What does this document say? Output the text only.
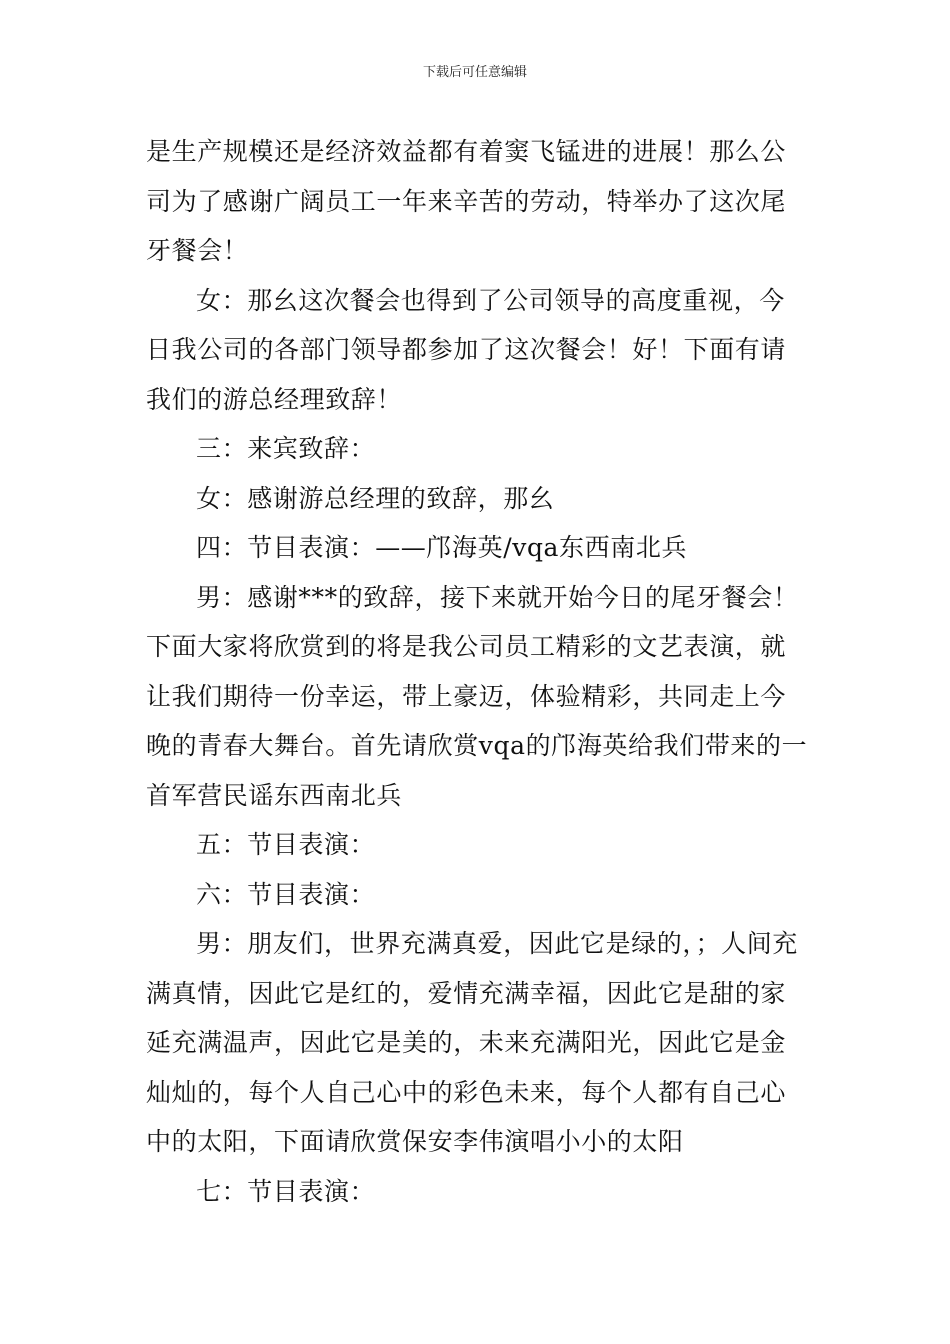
下载后可任意编辑

是生产规模还是经济效益都有着窦飞锰进的进展！那么公司为了感谢广阔员工一年来辛苦的劳动，特举办了这次尾牙餐会！

女：那幺这次餐会也得到了公司领导的高度重视，今日我公司的各部门领导都参加了这次餐会！好！下面有请我们的游总经理致辞！

三：来宾致辞：

女：感谢游总经理的致辞，那幺

四：节目表演：——邝海英/vqa东西南北兵

男：感谢***的致辞，接下来就开始今日的尾牙餐会！下面大家将欣赏到的将是我公司员工精彩的文艺表演，就让我们期待一份幸运，带上豪迈，体验精彩，共同走上今晚的青春大舞台。首先请欣赏vqa的邝海英给我们带来的一首军营民谣东西南北兵

五：节目表演：

六：节目表演：

男：朋友们，世界充满真爱，因此它是绿的，；人间充满真情，因此它是红的，爱情充满幸福，因此它是甜的家延充满温声，因此它是美的，未来充满阳光，因此它是金灿灿的，每个人自己心中的彩色未来，每个人都有自己心中的太阳，下面请欣赏保安李伟演唱小小的太阳

七：节目表演：
